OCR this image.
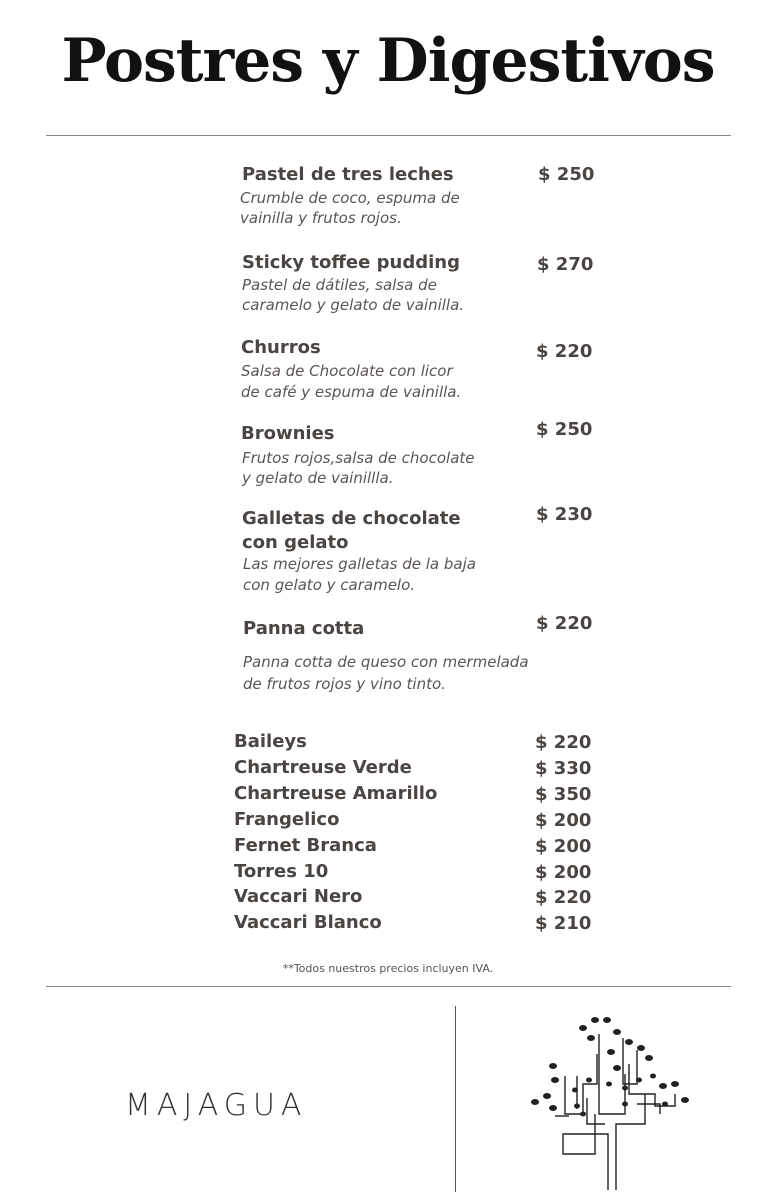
Postres y Digestivos
Pastel de tres leches
Crumble de coco, espuma de
vainilla y frutos rojos.
$ 250
Sticky toffee pudding
Pastel de dátiles, salsa de
caramelo y gelato de vainilla.
$ 270
Churros
Salsa de Chocolate con licor
de café y espuma de vainilla.
$ 220
Brownies
Frutos rojos,salsa de chocolate
y gelato de vainillla.
$ 250
Galletas de chocolate
con gelato
Las mejores galletas de la baja
con gelato y caramelo.
$ 230
Panna cotta
Panna cotta de queso con mermelada
de frutos rojos y vino tinto.
$ 220
Baileys	$ 220
Chartreuse Verde	$ 330
Chartreuse Amarillo	$ 350
Frangelico	$ 200
Fernet Branca	$ 200
Torres 10	$ 200
Vaccari Nero	$ 220
Vaccari Blanco	$ 210

**Todos nuestros precios incluyen IVA.

MAJAGUA
